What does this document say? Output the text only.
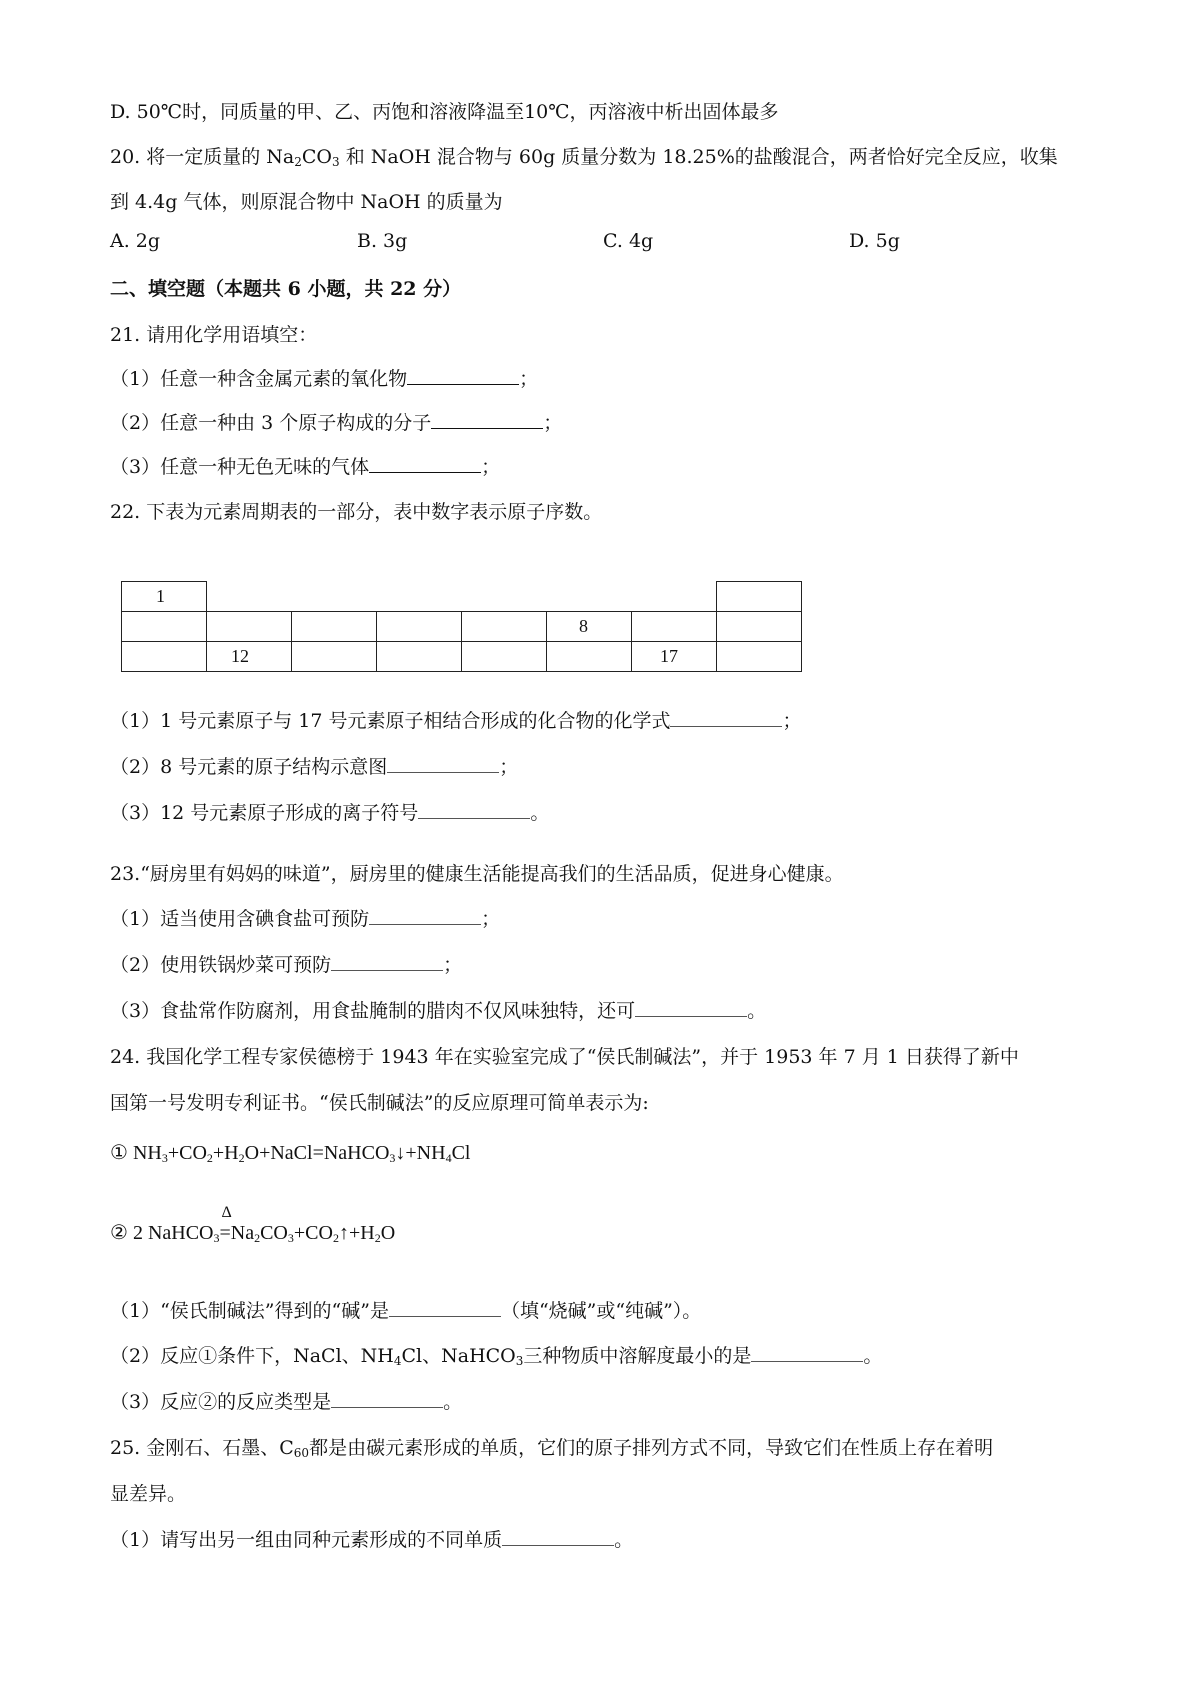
D. 50℃时，同质量的甲、乙、丙饱和溶液降温至10℃，丙溶液中析出固体最多
20. 将一定质量的 $Na_2CO_3$ 和 NaOH 混合物与 60g 质量分数为 18.25%的盐酸混合，两者恰好完全反应，收集
到 4.4g 气体，则原混合物中 NaOH 的质量为
A. 2g	B. 3g	C. 4g	D. 5g
二、填空题（本题共 6 小题，共 22 分）
21. 请用化学用语填空：
（1）任意一种含金属元素的氧化物	；
（2）任意一种由 3 个原子构成的分子	；
（3）任意一种无色无味的气体	；
22. 下表为元素周期表的一部分，表中数字表示原子序数。
1							
					8		
	12					17	
（1）1 号元素原子与 17 号元素原子相结合形成的化合物的化学式	；
（2）8 号元素的原子结构示意图	；
（3）12 号元素原子形成的离子符号	。
23.“厨房里有妈妈的味道”，厨房里的健康生活能提高我们的生活品质，促进身心健康。
（1）适当使用含碘食盐可预防	；
（2）使用铁锅炒菜可预防	；
（3）食盐常作防腐剂，用食盐腌制的腊肉不仅风味独特，还可	。
24. 我国化学工程专家侯德榜于 1943 年在实验室完成了“侯氏制碱法”，并于 1953 年 7 月 1 日获得了新中
国第一号发明专利证书。“侯氏制碱法”的反应原理可简单表示为:
① $NH_3+CO_2+H_2O+NaCl=NaHCO_3↓+NH_4Cl$
② 2 NaHCO$_3$
Δ
$=Na_2CO_3+CO_2↑+H_2O$
（1）“侯氏制碱法”得到的“碱”是	（填“烧碱”或“纯碱”）。
（2）反应①条件下，NaCl、$NH_4Cl$、NaHCO$_3$三种物质中溶解度最小的是	。
（3）反应②的反应类型是	。
25. 金刚石、石墨、$C_{60}$都是由碳元素形成的单质，它们的原子排列方式不同，导致它们在性质上存在着明
显差异。
（1）请写出另一组由同种元素形成的不同单质	。
